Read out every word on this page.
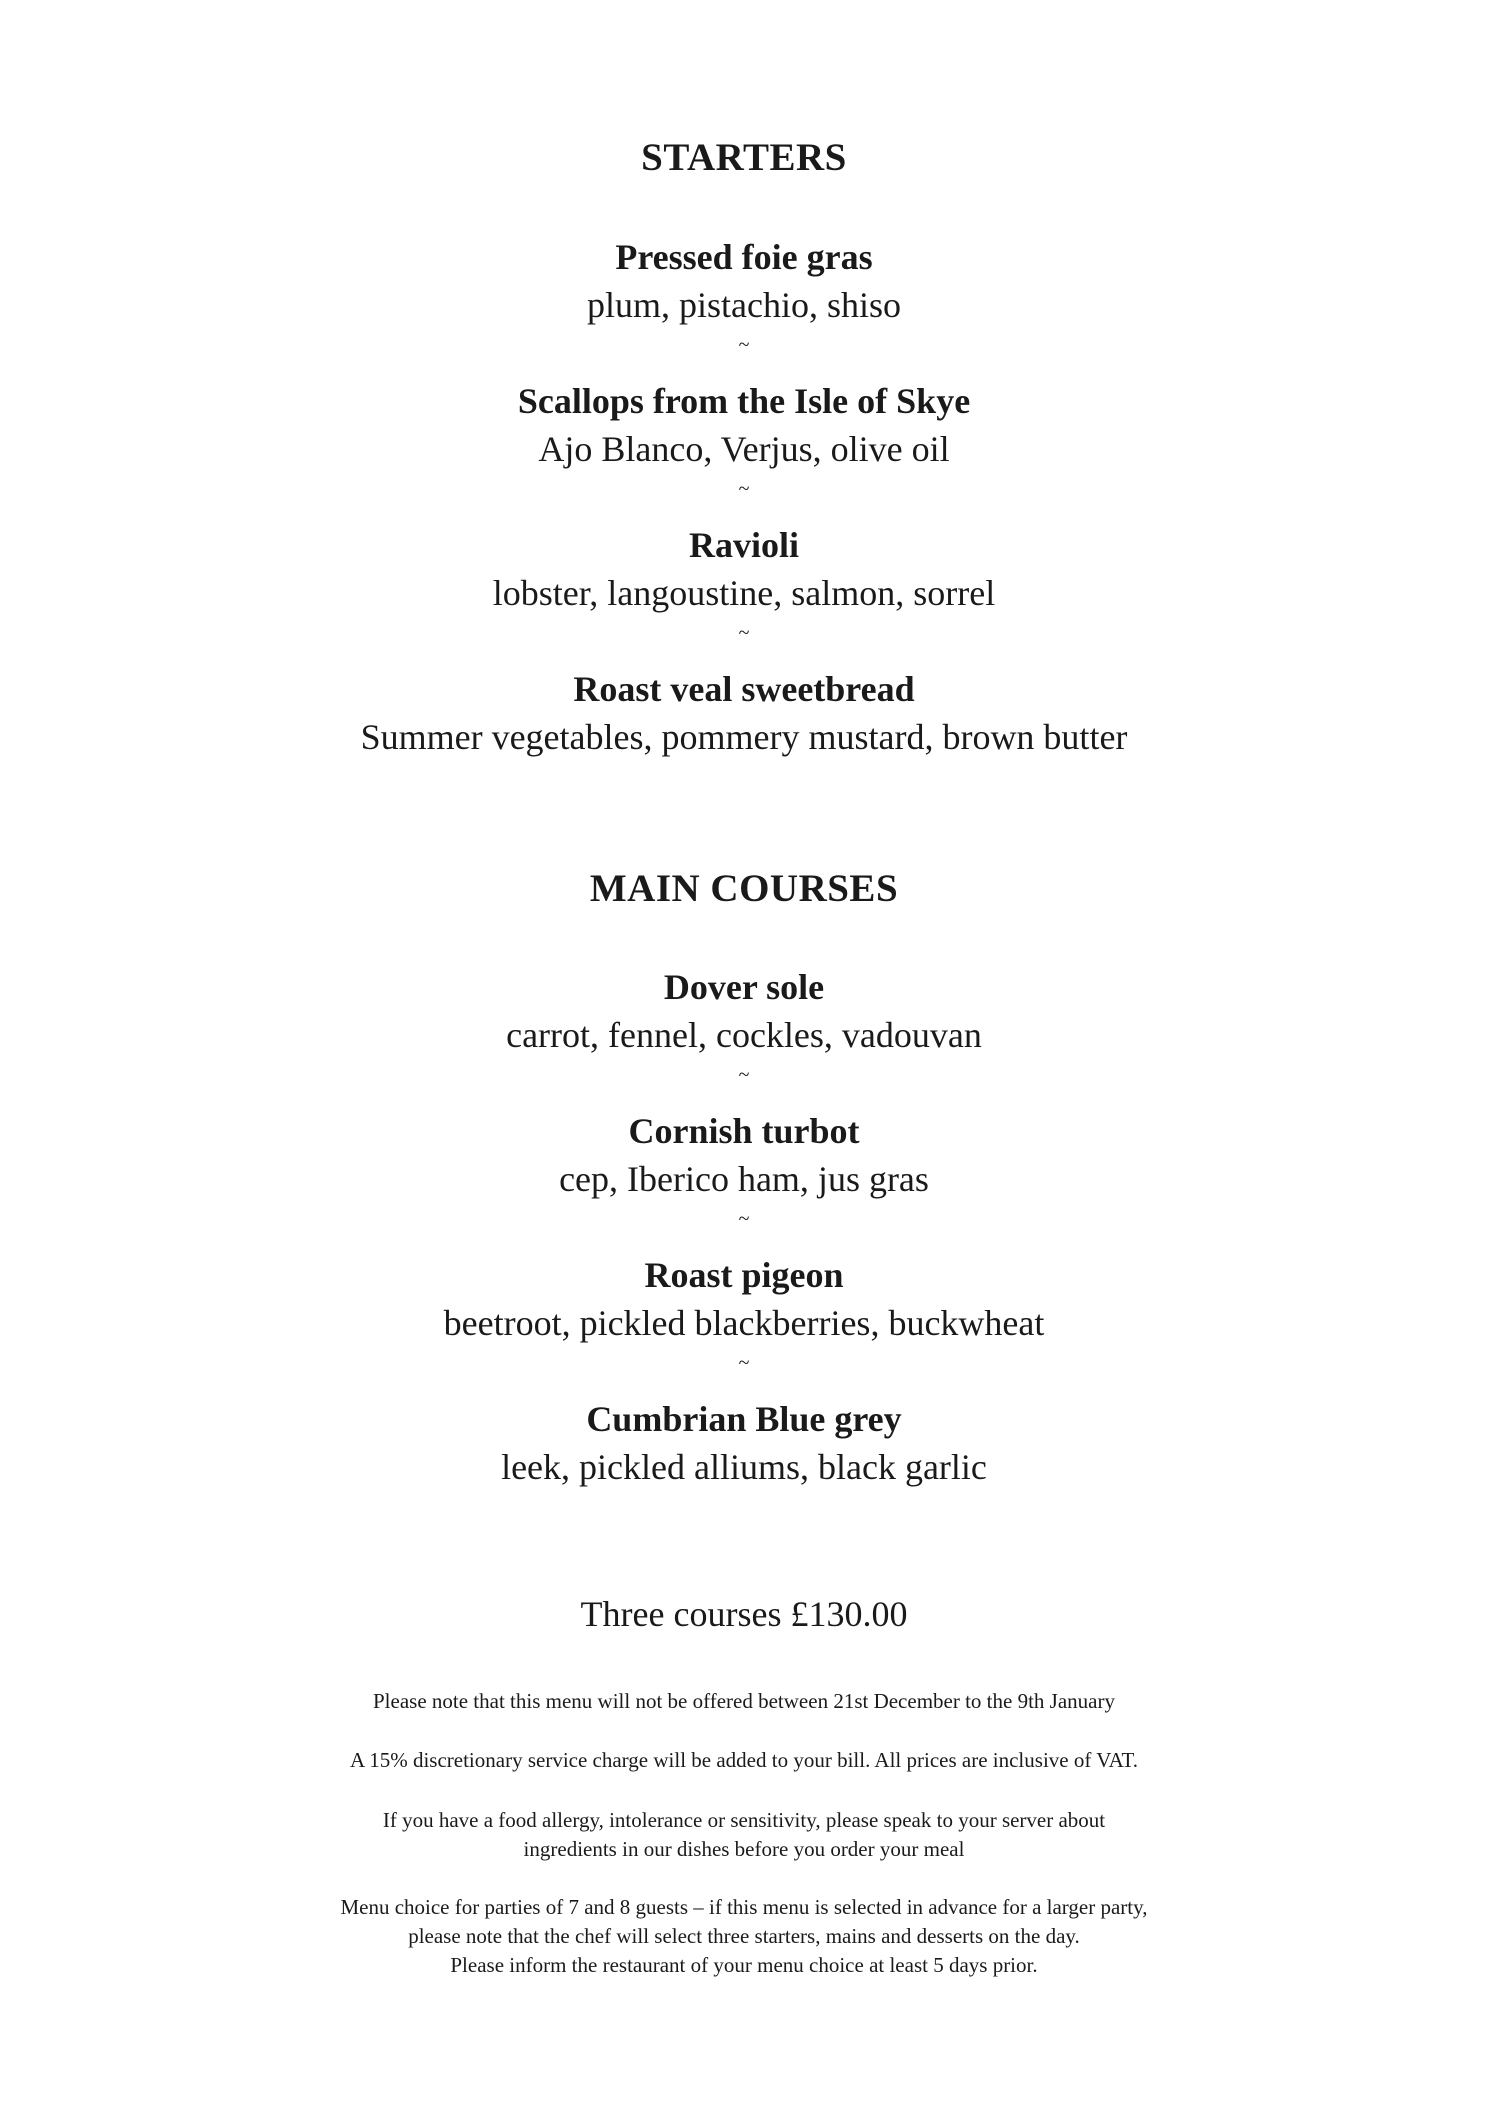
STARTERS
Pressed foie gras
plum, pistachio, shiso
~
Scallops from the Isle of Skye
Ajo Blanco, Verjus, olive oil
~
Ravioli
lobster, langoustine, salmon, sorrel
~
Roast veal sweetbread
Summer vegetables, pommery mustard, brown butter
MAIN COURSES
Dover sole
carrot, fennel, cockles, vadouvan
~
Cornish turbot
cep, Iberico ham, jus gras
~
Roast pigeon
beetroot, pickled blackberries, buckwheat
~
Cumbrian Blue grey
leek, pickled alliums, black garlic
Three courses £130.00
Please note that this menu will not be offered between 21st December to the 9th January
A 15% discretionary service charge will be added to your bill. All prices are inclusive of VAT.
If you have a food allergy, intolerance or sensitivity, please speak to your server about
ingredients in our dishes before you order your meal
Menu choice for parties of 7 and 8 guests – if this menu is selected in advance for a larger party,
please note that the chef will select three starters, mains and desserts on the day.
Please inform the restaurant of your menu choice at least 5 days prior.
